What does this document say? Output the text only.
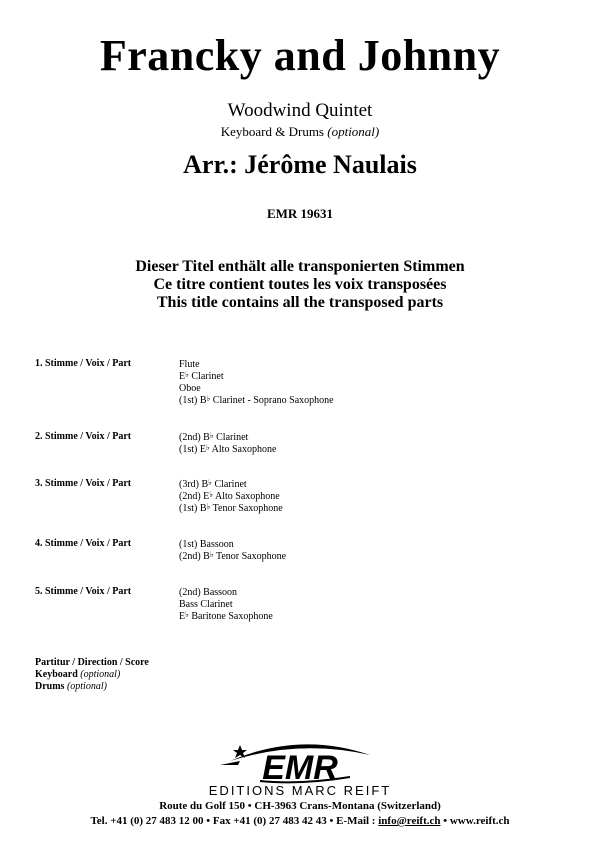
Francky and Johnny
Woodwind Quintet
Keyboard & Drums (optional)
Arr.: Jérôme Naulais
EMR 19631
Dieser Titel enthält alle transponierten Stimmen
Ce titre contient toutes les voix transposées
This title contains all the transposed parts
1. Stimme / Voix / Part	Flute
E♭ Clarinet
Oboe
(1st) B♭ Clarinet - Soprano Saxophone
2. Stimme / Voix / Part	(2nd) B♭ Clarinet
(1st) E♭ Alto Saxophone
3. Stimme / Voix / Part	(3rd) B♭ Clarinet
(2nd) E♭ Alto Saxophone
(1st) B♭ Tenor Saxophone
4. Stimme / Voix / Part	(1st) Bassoon
(2nd) B♭ Tenor Saxophone
5. Stimme / Voix / Part	(2nd) Bassoon
Bass Clarinet
E♭ Baritone Saxophone
Partitur / Direction / Score
Keyboard (optional)
Drums (optional)
EMR
EDITIONS MARC REIFT
Route du Golf 150 • CH-3963 Crans-Montana (Switzerland)
Tel. +41 (0) 27 483 12 00 • Fax +41 (0) 27 483 42 43 • E-Mail : info@reift.ch • www.reift.ch
